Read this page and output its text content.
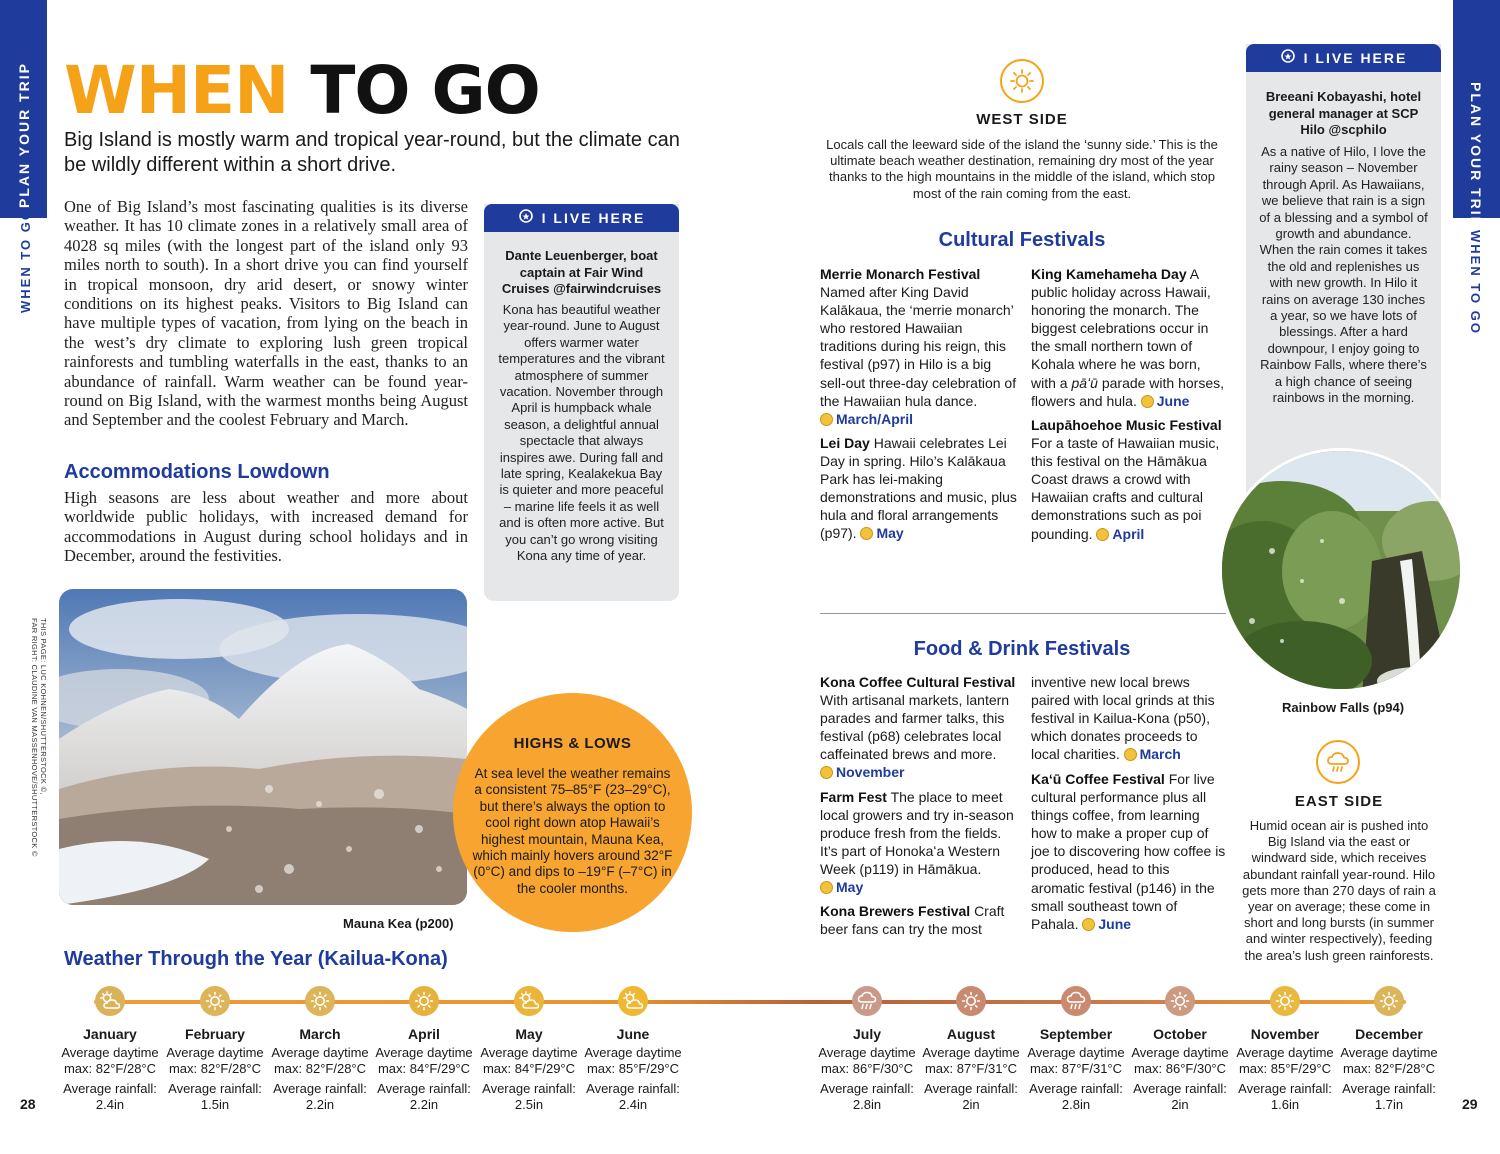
PLAN YOUR TRIP
WHEN TO GO
PLAN YOUR TRIP
WHEN TO GO
WHEN TO GO
Big Island is mostly warm and tropical year-round, but the climate can be wildly different within a short drive.
One of Big Island’s most fascinating qualities is its diverse weather. It has 10 climate zones in a relatively small area of 4028 sq miles (with the longest part of the island only 93 miles north to south). In a short drive you can find yourself in tropical monsoon, dry arid desert, or snowy winter conditions on its highest peaks. Visitors to Big Island can have multiple types of vacation, from lying on the beach in the west’s dry climate to exploring lush green tropical rainforests and tumbling waterfalls in the east, thanks to an abundance of rainfall. Warm weather can be found year-round on Big Island, with the warmest months being August and September and the coolest February and March.
Accommodations Lowdown
High seasons are less about weather and more about worldwide public holidays, with increased demand for accommodations in August during school holidays and in December, around the festivities.
I LIVE HERE
Dante Leuenberger, boat captain at Fair Wind Cruises @fairwindcruises
Kona has beautiful weather year-round. June to August offers warmer water temperatures and the vibrant atmosphere of summer vacation. November through April is humpback whale season, a delightful annual spectacle that always inspires awe. During fall and late spring, Kealakekua Bay is quieter and more peaceful – marine life feels it as well and is often more active. But you can’t go wrong visiting Kona any time of year.
THIS PAGE: LUC KOHNEN/SHUTTERSTOCK ©,
FAR RIGHT: CLAUDINE VAN MASSENHOVE/SHUTTERSTOCK ©
Mauna Kea (p200)
HIGHS & LOWS
At sea level the weather remains a consistent 75–85°F (23–29°C), but there’s always the option to cool right down atop Hawaii’s highest mountain, Mauna Kea, which mainly hovers around 32°F (0°C) and dips to –19°F (–7°C) in the cooler months.
WEST SIDE
Locals call the leeward side of the island the ‘sunny side.’ This is the ultimate beach weather destination, remaining dry most of the year thanks to the high mountains in the middle of the island, which stop most of the rain coming from the east.
Cultural Festivals
Merrie Monarch Festival Named after King David Kalākaua, the ‘merrie monarch’ who restored Hawaiian traditions during his reign, this festival (p97) in Hilo is a big sell-out three-day celebration of the Hawaiian hula dance. March/April
Lei Day Hawaii celebrates Lei Day in spring. Hilo’s Kalākaua Park has lei-making demonstrations and music, plus hula and floral arrangements (p97). May
King Kamehameha Day A public holiday across Hawaii, honoring the monarch. The biggest celebrations occur in the small northern town of Kohala where he was born, with a pāʻū parade with horses, flowers and hula. June
Laupāhoehoe Music Festival For a taste of Hawaiian music, this festival on the Hāmākua Coast draws a crowd with Hawaiian crafts and cultural demonstrations such as poi pounding. April
Food & Drink Festivals
Kona Coffee Cultural Festival With artisanal markets, lantern parades and farmer talks, this festival (p68) celebrates local caffeinated brews and more. November
Farm Fest The place to meet local growers and try in-season produce fresh from the fields. It’s part of Honokaʻa Western Week (p119) in Hāmākua. May
Kona Brewers Festival Craft beer fans can try the most
inventive new local brews paired with local grinds at this festival in Kailua-Kona (p50), which donates proceeds to local charities. March
Kaʻū Coffee Festival For live cultural performance plus all things coffee, from learning how to make a proper cup of joe to discovering how coffee is produced, head to this aromatic festival (p146) in the small southeast town of Pahala. June
I LIVE HERE
Breeani Kobayashi, hotel general manager at SCP Hilo @scphilo
As a native of Hilo, I love the rainy season – November through April. As Hawaiians, we believe that rain is a sign of a blessing and a symbol of growth and abundance. When the rain comes it takes the old and replenishes us with new growth. In Hilo it rains on average 130 inches a year, so we have lots of blessings. After a hard downpour, I enjoy going to Rainbow Falls, where there’s a high chance of seeing rainbows in the morning.
Rainbow Falls (p94)
EAST SIDE
Humid ocean air is pushed into Big Island via the east or windward side, which receives abundant rainfall year-round. Hilo gets more than 270 days of rain a year on average; these come in short and long bursts (in summer and winter respectively), feeding the area’s lush green rainforests.
Weather Through the Year (Kailua-Kona)
January
Average daytime
max: 82°F/28°C
Average rainfall:
2.4in
February
Average daytime
max: 82°F/28°C
Average rainfall:
1.5in
March
Average daytime
max: 82°F/28°C
Average rainfall:
2.2in
April
Average daytime
max: 84°F/29°C
Average rainfall:
2.2in
May
Average daytime
max: 84°F/29°C
Average rainfall:
2.5in
June
Average daytime
max: 85°F/29°C
Average rainfall:
2.4in
July
Average daytime
max: 86°F/30°C
Average rainfall:
2.8in
August
Average daytime
max: 87°F/31°C
Average rainfall:
2in
September
Average daytime
max: 87°F/31°C
Average rainfall:
2.8in
October
Average daytime
max: 86°F/30°C
Average rainfall:
2in
November
Average daytime
max: 85°F/29°C
Average rainfall:
1.6in
December
Average daytime
max: 82°F/28°C
Average rainfall:
1.7in
28	29
